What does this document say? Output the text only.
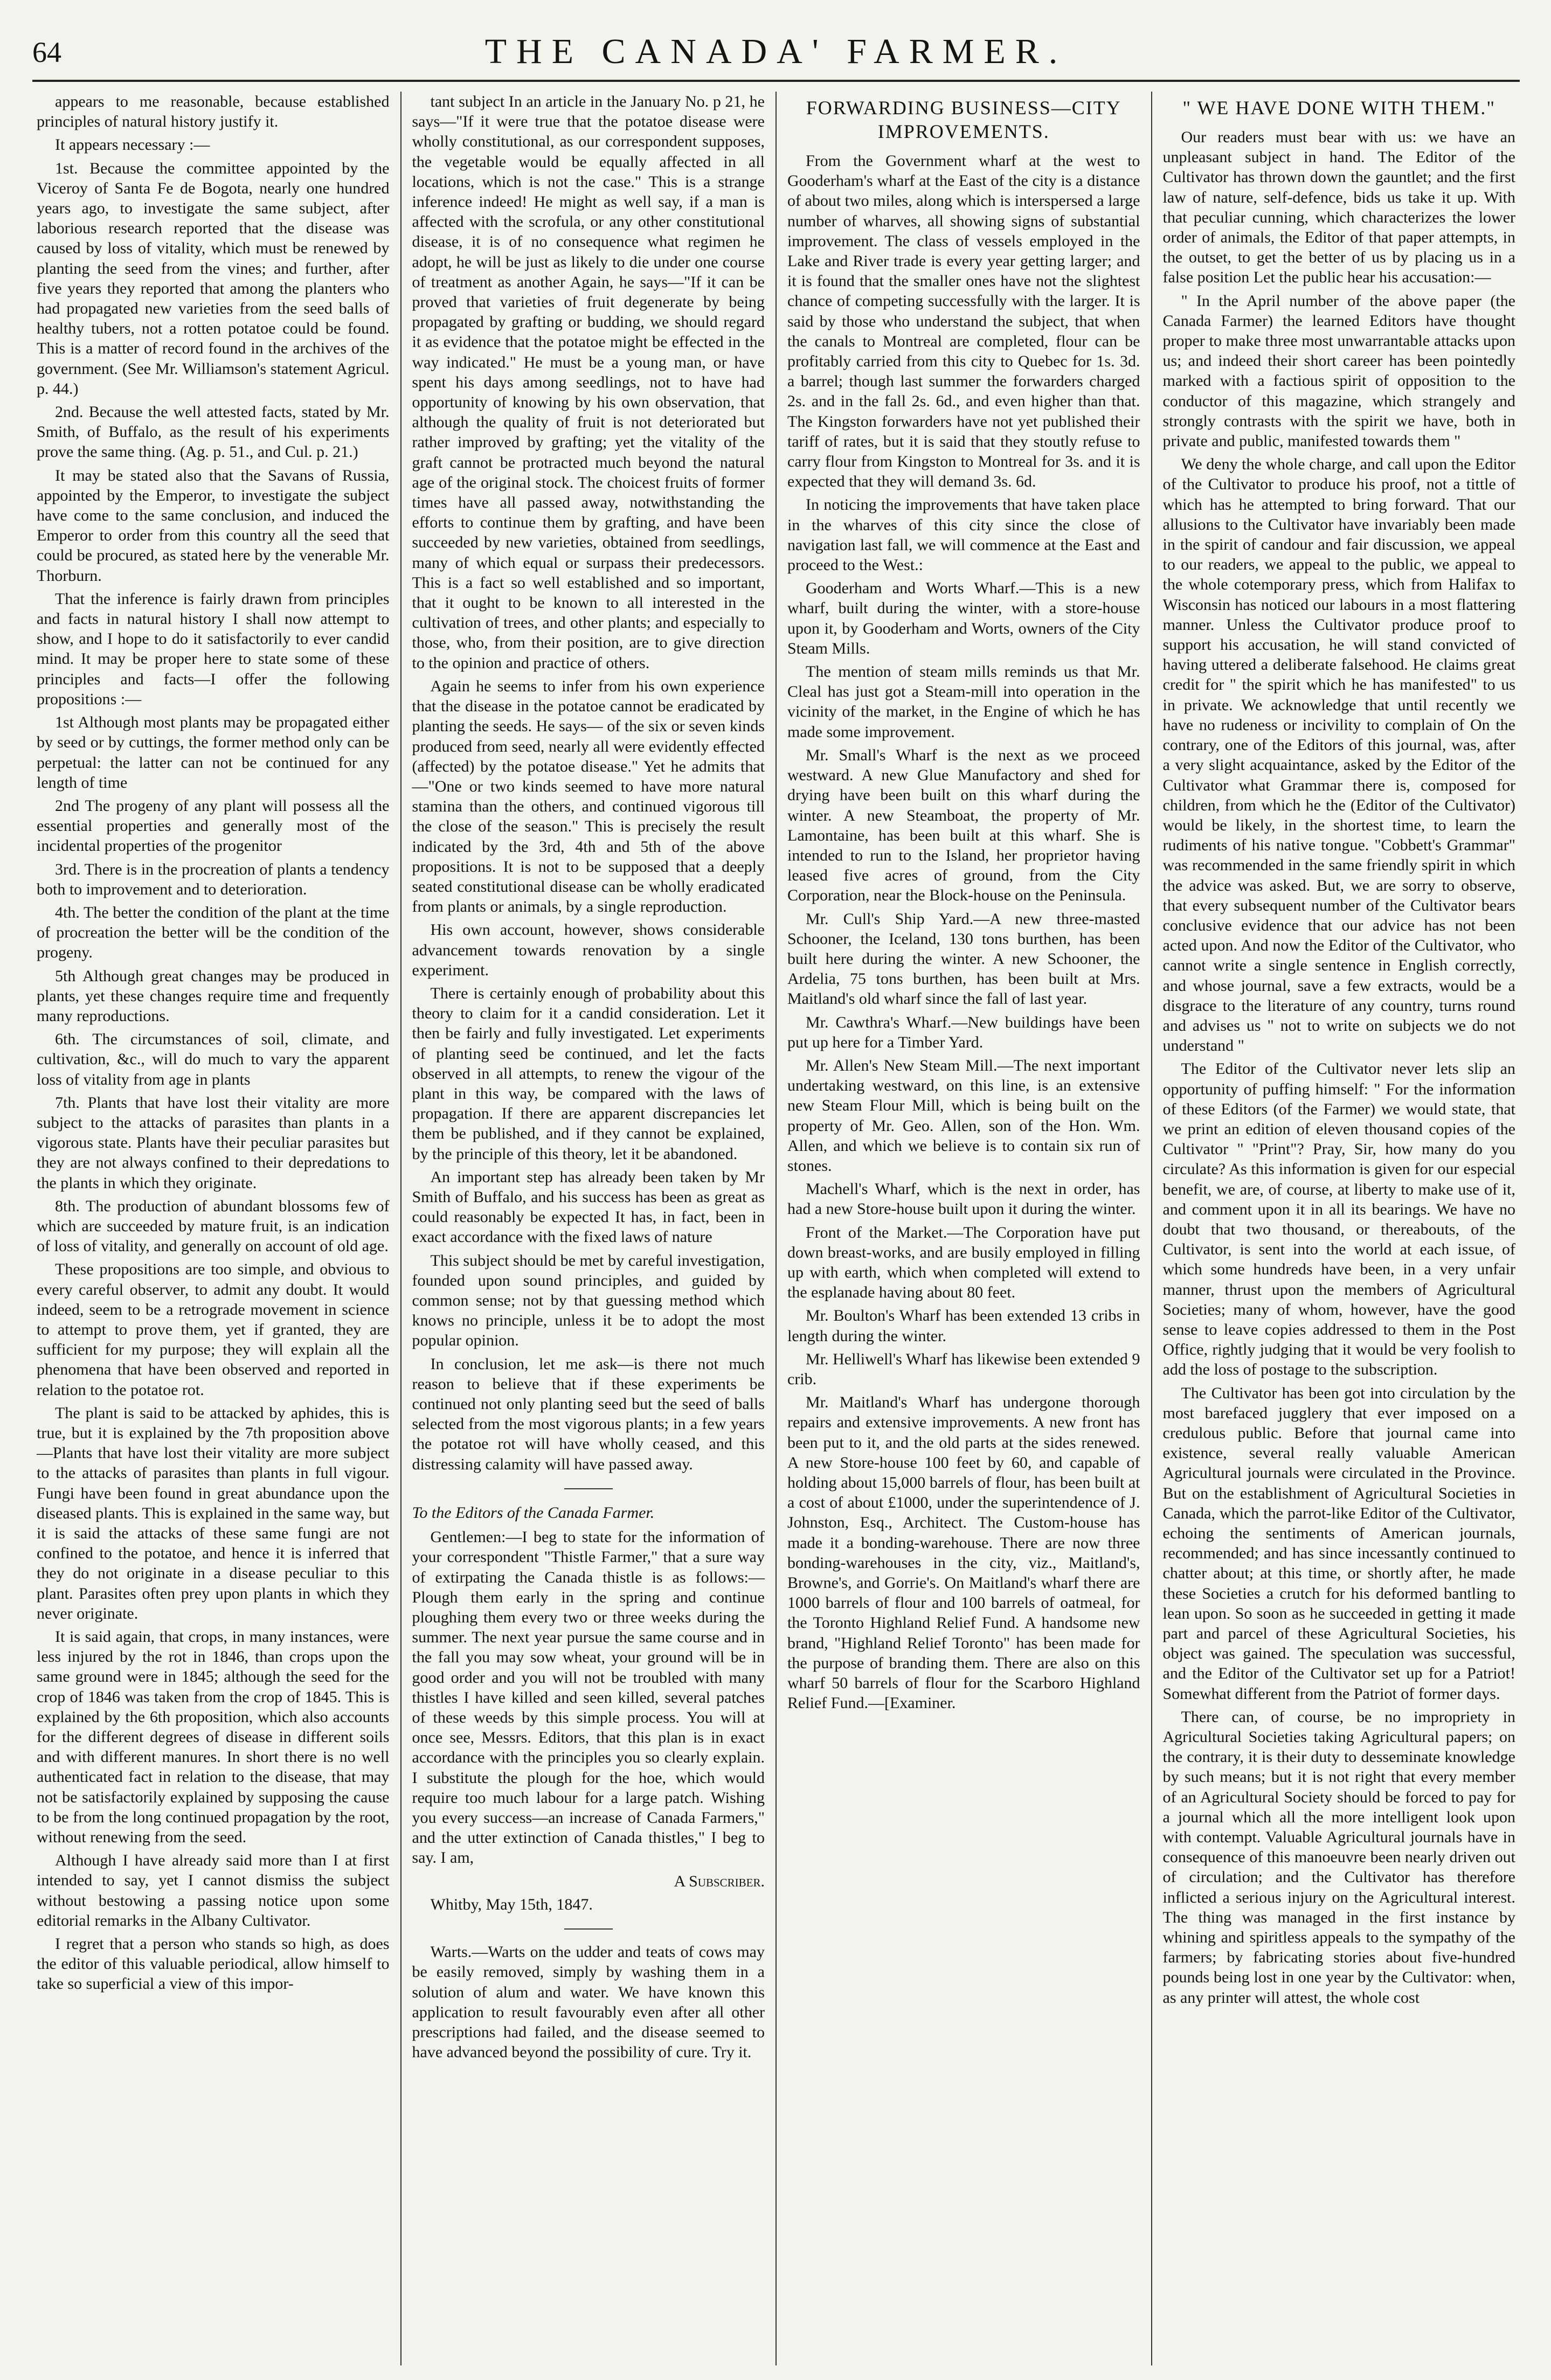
64	THE CANADA' FARMER.

appears to me reasonable, because established principles of natural history justify it.

It appears necessary :—

1st. Because the committee appointed by the Viceroy of Santa Fe de Bogota, nearly one hundred years ago, to investigate the same subject, after laborious research reported that the disease was caused by loss of vitality, which must be renewed by planting the seed from the vines; and further, after five years they reported that among the planters who had propagated new varieties from the seed balls of healthy tubers, not a rotten potatoe could be found. This is a matter of record found in the archives of the government. (See Mr. Williamson's statement Agricul. p. 44.)

2nd. Because the well attested facts, stated by Mr. Smith, of Buffalo, as the result of his experiments prove the same thing. (Ag. p. 51., and Cul. p. 21.)

It may be stated also that the Savans of Russia, appointed by the Emperor, to investigate the subject have come to the same conclusion, and induced the Emperor to order from this country all the seed that could be procured, as stated here by the venerable Mr. Thorburn.

That the inference is fairly drawn from principles and facts in natural history I shall now attempt to show, and I hope to do it satisfactorily to ever candid mind. It may be proper here to state some of these principles and facts—I offer the following propositions :—

1st Although most plants may be propagated either by seed or by cuttings, the former method only can be perpetual: the latter can not be continued for any length of time

2nd The progeny of any plant will possess all the essential properties and generally most of the incidental properties of the progenitor

3rd. There is in the procreation of plants a tendency both to improvement and to deterioration.

4th. The better the condition of the plant at the time of procreation the better will be the condition of the progeny.

5th Although great changes may be produced in plants, yet these changes require time and frequently many reproductions.

6th. The circumstances of soil, climate, and cultivation, &c., will do much to vary the apparent loss of vitality from age in plants

7th. Plants that have lost their vitality are more subject to the attacks of parasites than plants in a vigorous state. Plants have their peculiar parasites but they are not always confined to their depredations to the plants in which they originate.

8th. The production of abundant blossoms few of which are succeeded by mature fruit, is an indication of loss of vitality, and generally on account of old age.

These propositions are too simple, and obvious to every careful observer, to admit any doubt. It would indeed, seem to be a retrograde movement in science to attempt to prove them, yet if granted, they are sufficient for my purpose; they will explain all the phenomena that have been observed and reported in relation to the potatoe rot.

The plant is said to be attacked by aphides, this is true, but it is explained by the 7th proposition above —Plants that have lost their vitality are more subject to the attacks of parasites than plants in full vigour. Fungi have been found in great abundance upon the diseased plants. This is explained in the same way, but it is said the attacks of these same fungi are not confined to the potatoe, and hence it is inferred that they do not originate in a disease peculiar to this plant. Parasites often prey upon plants in which they never originate.

It is said again, that crops, in many instances, were less injured by the rot in 1846, than crops upon the same ground were in 1845; although the seed for the crop of 1846 was taken from the crop of 1845. This is explained by the 6th proposition, which also accounts for the different degrees of disease in different soils and with different manures. In short there is no well authenticated fact in relation to the disease, that may not be satisfactorily explained by supposing the cause to be from the long continued propagation by the root, without renewing from the seed.

Although I have already said more than I at first intended to say, yet I cannot dismiss the subject without bestowing a passing notice upon some editorial remarks in the Albany Cultivator.

I regret that a person who stands so high, as does the editor of this valuable periodical, allow himself to take so superficial a view of this impor-

tant subject In an article in the January No. p 21, he says—"If it were true that the potatoe disease were wholly constitutional, as our correspondent supposes, the vegetable would be equally affected in all locations, which is not the case." This is a strange inference indeed! He might as well say, if a man is affected with the scrofula, or any other constitutional disease, it is of no consequence what regimen he adopt, he will be just as likely to die under one course of treatment as another Again, he says—"If it can be proved that varieties of fruit degenerate by being propagated by grafting or budding, we should regard it as evidence that the potatoe might be effected in the way indicated." He must be a young man, or have spent his days among seedlings, not to have had opportunity of knowing by his own observation, that although the quality of fruit is not deteriorated but rather improved by grafting; yet the vitality of the graft cannot be protracted much beyond the natural age of the original stock. The choicest fruits of former times have all passed away, notwithstanding the efforts to continue them by grafting, and have been succeeded by new varieties, obtained from seedlings, many of which equal or surpass their predecessors. This is a fact so well established and so important, that it ought to be known to all interested in the cultivation of trees, and other plants; and especially to those, who, from their position, are to give direction to the opinion and practice of others.

Again he seems to infer from his own experience that the disease in the potatoe cannot be eradicated by planting the seeds. He says— of the six or seven kinds produced from seed, nearly all were evidently effected (affected) by the potatoe disease." Yet he admits that—"One or two kinds seemed to have more natural stamina than the others, and continued vigorous till the close of the season." This is precisely the result indicated by the 3rd, 4th and 5th of the above propositions. It is not to be supposed that a deeply seated constitutional disease can be wholly eradicated from plants or animals, by a single reproduction.

His own account, however, shows considerable advancement towards renovation by a single experiment.

There is certainly enough of probability about this theory to claim for it a candid consideration. Let it then be fairly and fully investigated. Let experiments of planting seed be continued, and let the facts observed in all attempts, to renew the vigour of the plant in this way, be compared with the laws of propagation. If there are apparent discrepancies let them be published, and if they cannot be explained, by the principle of this theory, let it be abandoned.

An important step has already been taken by Mr Smith of Buffalo, and his success has been as great as could reasonably be expected It has, in fact, been in exact accordance with the fixed laws of nature

This subject should be met by careful investigation, founded upon sound principles, and guided by common sense; not by that guessing method which knows no principle, unless it be to adopt the most popular opinion.

In conclusion, let me ask—is there not much reason to believe that if these experiments be continued not only planting seed but the seed of balls selected from the most vigorous plants; in a few years the potatoe rot will have wholly ceased, and this distressing calamity will have passed away.

To the Editors of the Canada Farmer.

Gentlemen:—I beg to state for the information of your correspondent "Thistle Farmer," that a sure way of extirpating the Canada thistle is as follows:—Plough them early in the spring and continue ploughing them every two or three weeks during the summer. The next year pursue the same course and in the fall you may sow wheat, your ground will be in good order and you will not be troubled with many thistles I have killed and seen killed, several patches of these weeds by this simple process. You will at once see, Messrs. Editors, that this plan is in exact accordance with the principles you so clearly explain. I substitute the plough for the hoe, which would require too much labour for a large patch. Wishing you every success—an increase of Canada Farmers," and the utter extinction of Canada thistles," I beg to say. I am,

A Subscriber.

Whitby, May 15th, 1847.

Warts.—Warts on the udder and teats of cows may be easily removed, simply by washing them in a solution of alum and water. We have known this application to result favourably even after all other prescriptions had failed, and the disease seemed to have advanced beyond the possibility of cure. Try it.

FORWARDING BUSINESS—CITY IMPROVEMENTS.

From the Government wharf at the west to Gooderham's wharf at the East of the city is a distance of about two miles, along which is interspersed a large number of wharves, all showing signs of substantial improvement. The class of vessels employed in the Lake and River trade is every year getting larger; and it is found that the smaller ones have not the slightest chance of competing successfully with the larger. It is said by those who understand the subject, that when the canals to Montreal are completed, flour can be profitably carried from this city to Quebec for 1s. 3d. a barrel; though last summer the forwarders charged 2s. and in the fall 2s. 6d., and even higher than that. The Kingston forwarders have not yet published their tariff of rates, but it is said that they stoutly refuse to carry flour from Kingston to Montreal for 3s. and it is expected that they will demand 3s. 6d.

In noticing the improvements that have taken place in the wharves of this city since the close of navigation last fall, we will commence at the East and proceed to the West.:

Gooderham and Worts Wharf.—This is a new wharf, built during the winter, with a store-house upon it, by Gooderham and Worts, owners of the City Steam Mills.

The mention of steam mills reminds us that Mr. Cleal has just got a Steam-mill into operation in the vicinity of the market, in the Engine of which he has made some improvement.

Mr. Small's Wharf is the next as we proceed westward. A new Glue Manufactory and shed for drying have been built on this wharf during the winter. A new Steamboat, the property of Mr. Lamontaine, has been built at this wharf. She is intended to run to the Island, her proprietor having leased five acres of ground, from the City Corporation, near the Block-house on the Peninsula.

Mr. Cull's Ship Yard.—A new three-masted Schooner, the Iceland, 130 tons burthen, has been built here during the winter. A new Schooner, the Ardelia, 75 tons burthen, has been built at Mrs. Maitland's old wharf since the fall of last year.

Mr. Cawthra's Wharf.—New buildings have been put up here for a Timber Yard.

Mr. Allen's New Steam Mill.—The next important undertaking westward, on this line, is an extensive new Steam Flour Mill, which is being built on the property of Mr. Geo. Allen, son of the Hon. Wm. Allen, and which we believe is to contain six run of stones.

Machell's Wharf, which is the next in order, has had a new Store-house built upon it during the winter.

Front of the Market.—The Corporation have put down breast-works, and are busily employed in filling up with earth, which when completed will extend to the esplanade having about 80 feet.

Mr. Boulton's Wharf has been extended 13 cribs in length during the winter.

Mr. Helliwell's Wharf has likewise been extended 9 crib.

Mr. Maitland's Wharf has undergone thorough repairs and extensive improvements. A new front has been put to it, and the old parts at the sides renewed. A new Store-house 100 feet by 60, and capable of holding about 15,000 barrels of flour, has been built at a cost of about £1000, under the superintendence of J. Johnston, Esq., Architect. The Custom-house has made it a bonding-warehouse. There are now three bonding-warehouses in the city, viz., Maitland's, Browne's, and Gorrie's. On Maitland's wharf there are 1000 barrels of flour and 100 barrels of oatmeal, for the Toronto Highland Relief Fund. A handsome new brand, "Highland Relief Toronto" has been made for the purpose of branding them. There are also on this wharf 50 barrels of flour for the Scarboro Highland Relief Fund.—[Examiner.

" WE HAVE DONE WITH THEM."

Our readers must bear with us: we have an unpleasant subject in hand. The Editor of the Cultivator has thrown down the gauntlet; and the first law of nature, self-defence, bids us take it up. With that peculiar cunning, which characterizes the lower order of animals, the Editor of that paper attempts, in the outset, to get the better of us by placing us in a false position Let the public hear his accusation:—

" In the April number of the above paper (the Canada Farmer) the learned Editors have thought proper to make three most unwarrantable attacks upon us; and indeed their short career has been pointedly marked with a factious spirit of opposition to the conductor of this magazine, which strangely and strongly contrasts with the spirit we have, both in private and public, manifested towards them "

We deny the whole charge, and call upon the Editor of the Cultivator to produce his proof, not a tittle of which has he attempted to bring forward. That our allusions to the Cultivator have invariably been made in the spirit of candour and fair discussion, we appeal to our readers, we appeal to the public, we appeal to the whole cotemporary press, which from Halifax to Wisconsin has noticed our labours in a most flattering manner. Unless the Cultivator produce proof to support his accusation, he will stand convicted of having uttered a deliberate falsehood. He claims great credit for " the spirit which he has manifested" to us in private. We acknowledge that until recently we have no rudeness or incivility to complain of On the contrary, one of the Editors of this journal, was, after a very slight acquaintance, asked by the Editor of the Cultivator what Grammar there is, composed for children, from which he the (Editor of the Cultivator) would be likely, in the shortest time, to learn the rudiments of his native tongue. "Cobbett's Grammar" was recommended in the same friendly spirit in which the advice was asked. But, we are sorry to observe, that every subsequent number of the Cultivator bears conclusive evidence that our advice has not been acted upon. And now the Editor of the Cultivator, who cannot write a single sentence in English correctly, and whose journal, save a few extracts, would be a disgrace to the literature of any country, turns round and advises us " not to write on subjects we do not understand "

The Editor of the Cultivator never lets slip an opportunity of puffing himself: " For the information of these Editors (of the Farmer) we would state, that we print an edition of eleven thousand copies of the Cultivator " "Print"? Pray, Sir, how many do you circulate? As this information is given for our especial benefit, we are, of course, at liberty to make use of it, and comment upon it in all its bearings. We have no doubt that two thousand, or thereabouts, of the Cultivator, is sent into the world at each issue, of which some hundreds have been, in a very unfair manner, thrust upon the members of Agricultural Societies; many of whom, however, have the good sense to leave copies addressed to them in the Post Office, rightly judging that it would be very foolish to add the loss of postage to the subscription.

The Cultivator has been got into circulation by the most barefaced jugglery that ever imposed on a credulous public. Before that journal came into existence, several really valuable American Agricultural journals were circulated in the Province. But on the establishment of Agricultural Societies in Canada, which the parrot-like Editor of the Cultivator, echoing the sentiments of American journals, recommended; and has since incessantly continued to chatter about; at this time, or shortly after, he made these Societies a crutch for his deformed bantling to lean upon. So soon as he succeeded in getting it made part and parcel of these Agricultural Societies, his object was gained. The speculation was successful, and the Editor of the Cultivator set up for a Patriot! Somewhat different from the Patriot of former days.

There can, of course, be no impropriety in Agricultural Societies taking Agricultural papers; on the contrary, it is their duty to desseminate knowledge by such means; but it is not right that every member of an Agricultural Society should be forced to pay for a journal which all the more intelligent look upon with contempt. Valuable Agricultural journals have in consequence of this manoeuvre been nearly driven out of circulation; and the Cultivator has therefore inflicted a serious injury on the Agricultural interest. The thing was managed in the first instance by whining and spiritless appeals to the sympathy of the farmers; by fabricating stories about five-hundred pounds being lost in one year by the Cultivator: when, as any printer will attest, the whole cost
